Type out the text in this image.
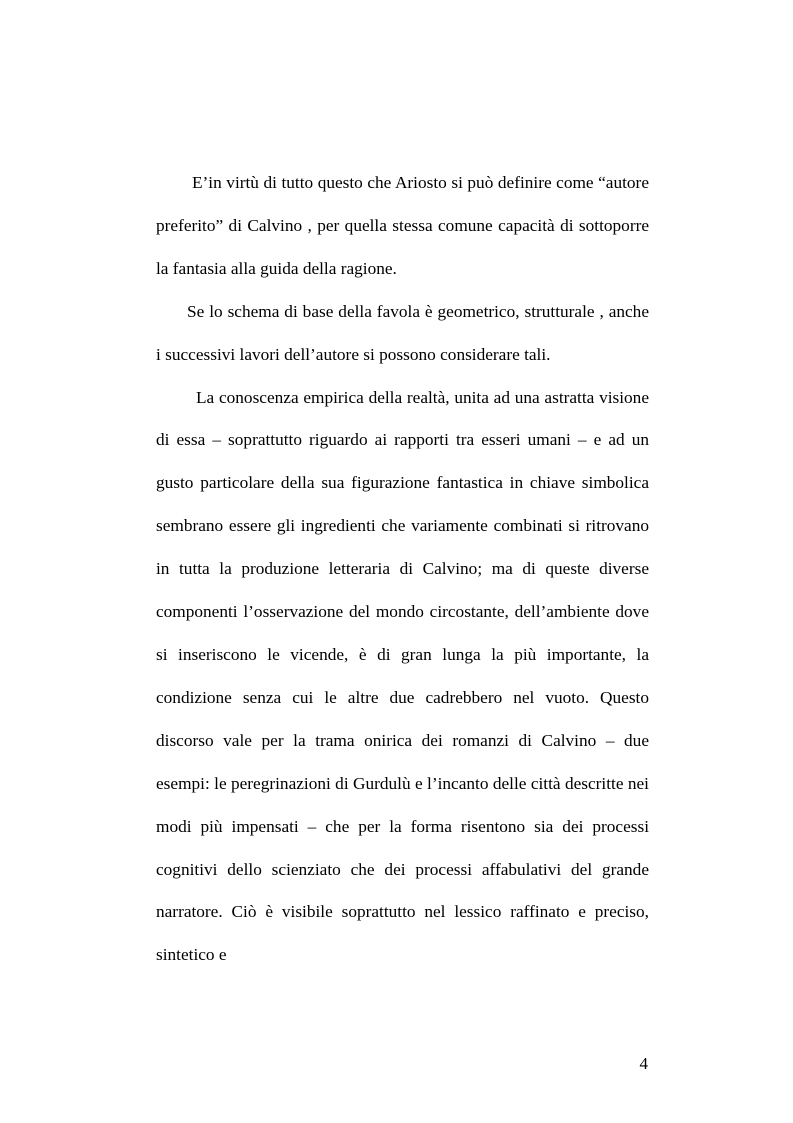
E’in virtù di tutto questo che Ariosto si può definire come “autore preferito” di Calvino , per quella stessa comune capacità di sottoporre la fantasia alla guida della ragione.

Se lo schema di base della favola è geometrico, strutturale , anche i successivi lavori dell’autore si possono considerare tali.

La conoscenza empirica della realtà, unita ad una astratta visione di essa – soprattutto riguardo ai rapporti tra esseri umani – e ad un gusto particolare della sua figurazione fantastica in chiave simbolica sembrano essere gli ingredienti che variamente combinati si ritrovano in tutta la produzione letteraria di Calvino; ma di queste diverse componenti l’osservazione del mondo circostante, dell’ambiente dove si inseriscono le vicende, è di gran lunga la più importante, la condizione senza cui le altre due cadrebbero nel vuoto. Questo discorso vale per la trama onirica dei romanzi di Calvino – due esempi: le peregrinazioni di Gurdulù e l’incanto delle città descritte nei modi più impensati – che per la forma risentono sia dei processi cognitivi dello scienziato che dei processi affabulativi del grande narratore. Ciò è visibile soprattutto nel lessico raffinato e preciso, sintetico e

4
